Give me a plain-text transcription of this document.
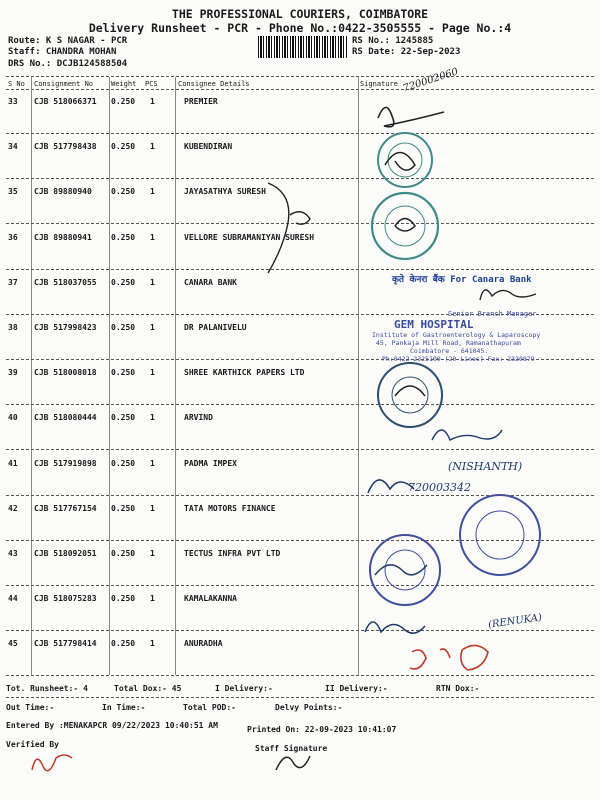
THE PROFESSIONAL COURIERS, COIMBATORE
Delivery Runsheet - PCR - Phone No.:0422-3505555 - Page No.:4
Route: K S NAGAR - PCR
Staff: CHANDRA MOHAN
DRS No.: DCJB124588504
RS No.: 1245885
RS Date: 22-Sep-2023
S No Consignment No	Weight PCS	Consignee Details	Signature
33 CJB 518066371 0.250 1	PREMIER
34 CJB 517798438 0.250 1	KUBENDIRAN
35 CJB 89880940 0.250 1	JAYASATHYA SURESH
36 CJB 89880941 0.250 1	VELLORE SUBRAMANIYAN SURESH
37 CJB 518037055 0.250 1	CANARA BANK
38 CJB 517998423 0.250 1	DR PALANIVELU
39 CJB 518008018 0.250 1	SHREE KARTHICK PAPERS LTD
40 CJB 518080444 0.250 1	ARVIND
41 CJB 517919898 0.250 1	PADMA IMPEX
42 CJB 517767154 0.250 1	TATA MOTORS FINANCE
43 CJB 518092051 0.250 1	TECTUS INFRA PVT LTD
44 CJB 518075283 0.250 1	KAMALAKANNA
45 CJB 517798414 0.250 1	ANURADHA
720002060
कृते केनरा बैंक For Canara Bank
Senior Branch Manager
GEM HOSPITAL
Institute of Gastroenterology & Laparoscopy
45, Pankaja Mill Road, Ramanathapuram
Coimbatore - 641045.
Ph:0422-2325100 (20 Lines) Fax: 2320879
(NISHANTH)
720003342
(RENUKA)
Tot. Runsheet:- 4	Total Dox:- 45	I Delivery:-	II Delivery:-	RTN Dox:-
Out Time:-	In Time:-	Total POD:-	Delvy Points:-
Entered By :MENAKAPCR 09/22/2023 10:40:51 AM	Printed On: 22-09-2023 10:41:07
Verified By	Staff Signature
